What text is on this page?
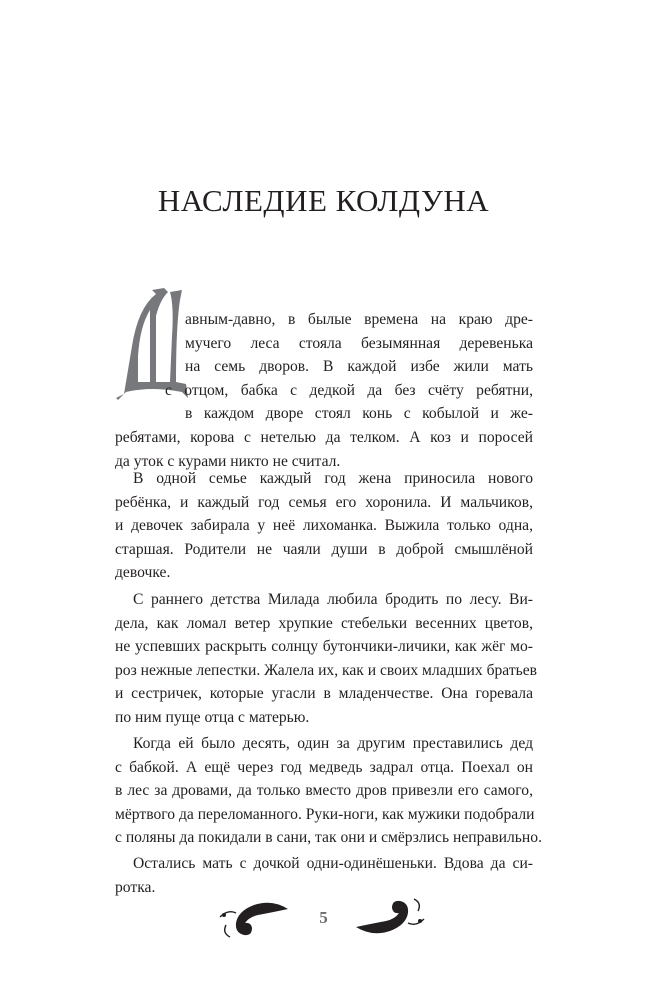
НАСЛЕДИЕ КОЛДУНА
авным-давно, в былые времена на краю дре-
мучего леса стояла безымянная деревенька
на семь дворов. В каждой избе жили мать
с отцом, бабка с дедкой да без счёту ребятни,
в каждом дворе стоял конь с кобылой и же-
ребятами, корова с нетелью да телком. А коз и поросей
да уток с курами никто не считал.
В одной семье каждый год жена приносила нового
ребёнка, и каждый год семья его хоронила. И мальчиков,
и девочек забирала у неё лихоманка. Выжила только одна,
старшая. Родители не чаяли души в доброй смышлёной
девочке.
С раннего детства Милада любила бродить по лесу. Ви-
дела, как ломал ветер хрупкие стебельки весенних цветов,
не успевших раскрыть солнцу бутончики-личики, как жёг мо-
роз нежные лепестки. Жалела их, как и своих младших братьев
и сестричек, которые угасли в младенчестве. Она горевала
по ним пуще отца с матерью.
Когда ей было десять, один за другим преставились дед
с бабкой. А ещё через год медведь задрал отца. Поехал он
в лес за дровами, да только вместо дров привезли его самого,
мёртвого да переломанного. Руки-ноги, как мужики подобрали
с поляны да покидали в сани, так они и смёрзлись неправильно.
Остались мать с дочкой одни-одинёшеньки. Вдова да си-
ротка.
5
